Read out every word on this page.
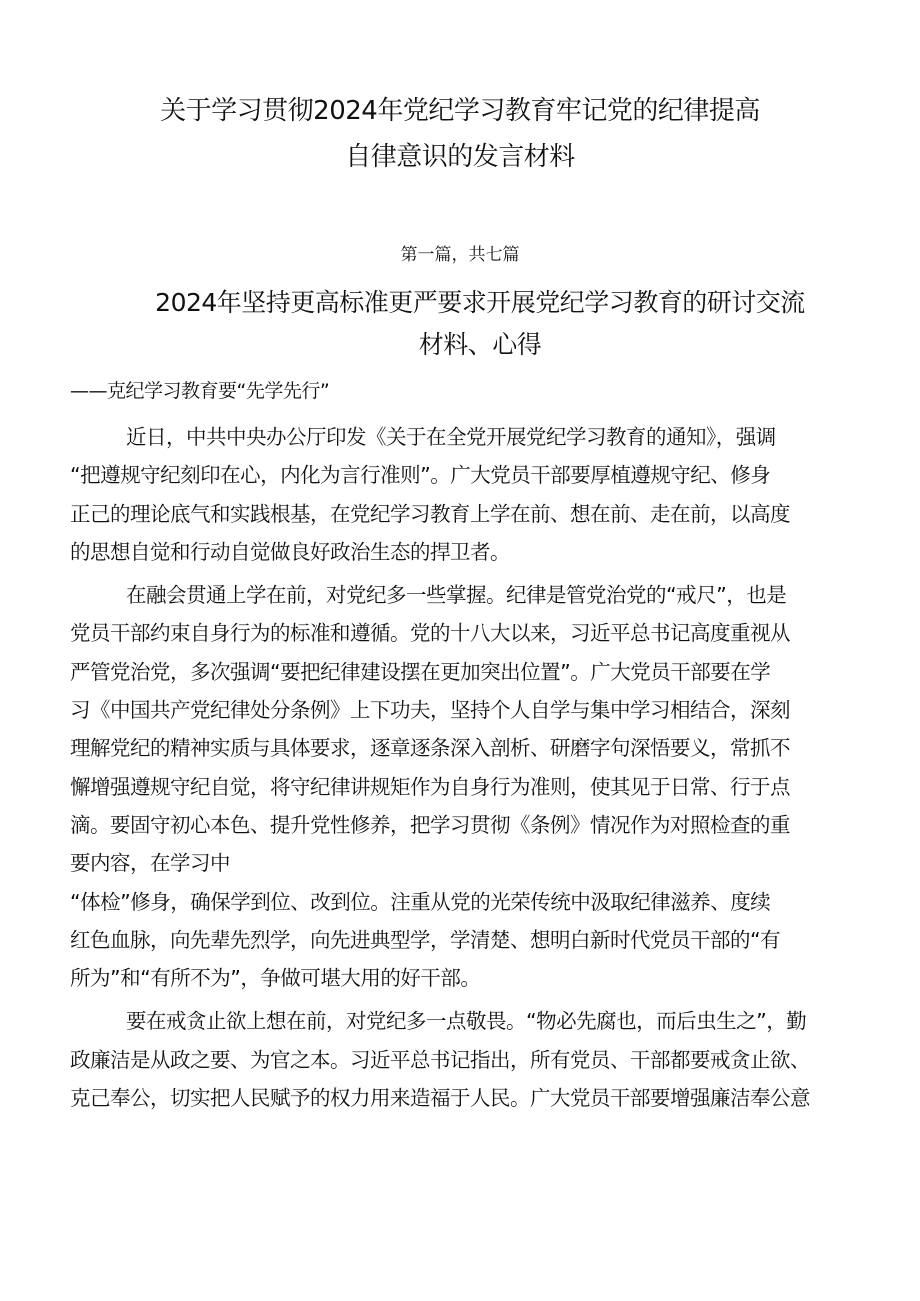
关于学习贯彻2024年党纪学习教育牢记党的纪律提高
自律意识的发言材料
第一篇，共七篇
2024年坚持更高标准更严要求开展党纪学习教育的研讨交流
材料、心得
——克纪学习教育要“先学先行”
近日，中共中央办公厅印发《关于在全党开展党纪学习教育的通知》，强调
“把遵规守纪刻印在心，内化为言行准则”。广大党员干部要厚植遵规守纪、修身
正己的理论底气和实践根基，在党纪学习教育上学在前、想在前、走在前，以高度
的思想自觉和行动自觉做良好政治生态的捍卫者。
在融会贯通上学在前，对党纪多一些掌握。纪律是管党治党的“戒尺”，也是
党员干部约束自身行为的标准和遵循。党的十八大以来，习近平总书记高度重视从
严管党治党，多次强调“要把纪律建设摆在更加突出位置”。广大党员干部要在学
习《中国共产党纪律处分条例》上下功夫，坚持个人自学与集中学习相结合，深刻
理解党纪的精神实质与具体要求，逐章逐条深入剖析、研磨字句深悟要义，常抓不
懈增强遵规守纪自觉，将守纪律讲规矩作为自身行为准则，使其见于日常、行于点
滴。要固守初心本色、提升党性修养，把学习贯彻《条例》情况作为对照检查的重
要内容，在学习中
“体检”修身，确保学到位、改到位。注重从党的光荣传统中汲取纪律滋养、度续
红色血脉，向先辈先烈学，向先进典型学，学清楚、想明白新时代党员干部的“有
所为”和“有所不为”，争做可堪大用的好干部。
要在戒贪止欲上想在前，对党纪多一点敬畏。“物必先腐也，而后虫生之”，勤
政廉洁是从政之要、为官之本。习近平总书记指出，所有党员、干部都要戒贪止欲、
克己奉公，切实把人民赋予的权力用来造福于人民。广大党员干部要增强廉洁奉公意
